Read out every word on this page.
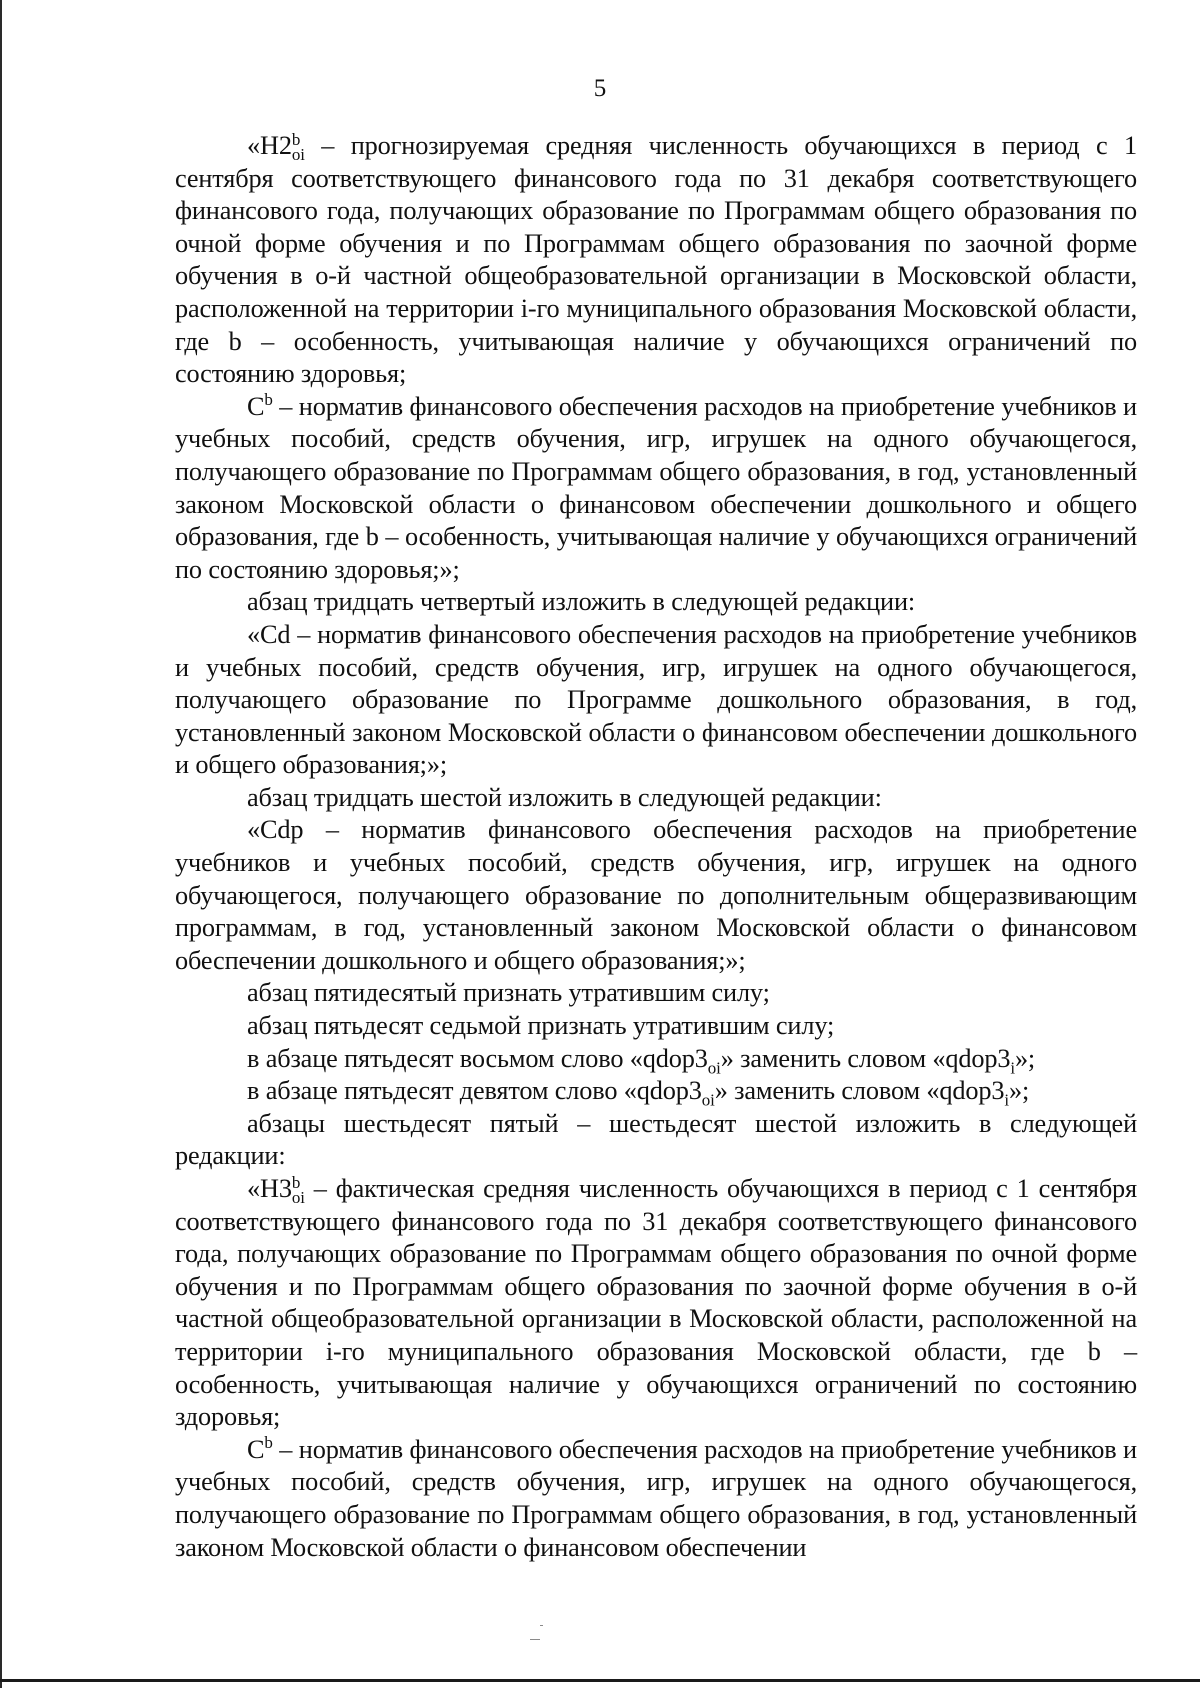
5

«Н2 b
oi – прогнозируемая средняя численность обучающихся в период с 1 сентября соответствующего финансового года по 31 декабря соответствующего финансового года, получающих образование по Программам общего образования по очной форме обучения и по Программам общего образования по заочной форме обучения в о-й частной общеобразовательной организации в Московской области, расположенной на территории i-го муниципального образования Московской области, где b – особенность, учитывающая наличие у обучающихся ограничений по состоянию здоровья;

$C^b$ – норматив финансового обеспечения расходов на приобретение учебников и учебных пособий, средств обучения, игр, игрушек на одного обучающегося, получающего образование по Программам общего образования, в год, установленный законом Московской области о финансовом обеспечении дошкольного и общего образования, где b – особенность, учитывающая наличие у обучающихся ограничений по состоянию здоровья;»;

абзац тридцать четвертый изложить в следующей редакции:

«Cd – норматив финансового обеспечения расходов на приобретение учебников и учебных пособий, средств обучения, игр, игрушек на одного обучающегося, получающего образование по Программе дошкольного образования, в год, установленный законом Московской области о финансовом обеспечении дошкольного и общего образования;»;

абзац тридцать шестой изложить в следующей редакции:

«Cdp – норматив финансового обеспечения расходов на приобретение учебников и учебных пособий, средств обучения, игр, игрушек на одного обучающегося, получающего образование по дополнительным общеразвивающим программам, в год, установленный законом Московской области о финансовом обеспечении дошкольного и общего образования;»;

абзац пятидесятый признать утратившим силу;

абзац пятьдесят седьмой признать утратившим силу;

в абзаце пятьдесят восьмом слово «$qdop3_{oi}$» заменить словом «$qdop3_i$»;

в абзаце пятьдесят девятом слово «$qdop3_{oi}$» заменить словом «$qdop3_i$»;

абзацы шестьдесят пятый – шестьдесят шестой изложить в следующей редакции:

«Н3 b
oi – фактическая средняя численность обучающихся в период с 1 сентября соответствующего финансового года по 31 декабря соответствующего финансового года, получающих образование по Программам общего образования по очной форме обучения и по Программам общего образования по заочной форме обучения в о-й частной общеобразовательной организации в Московской области, расположенной на территории i-го муниципального образования Московской области, где b – особенность, учитывающая наличие у обучающихся ограничений по состоянию здоровья;

$C^b$ – норматив финансового обеспечения расходов на приобретение учебников и учебных пособий, средств обучения, игр, игрушек на одного обучающегося, получающего образование по Программам общего образования, в год, установленный законом Московской области о финансовом обеспечении
